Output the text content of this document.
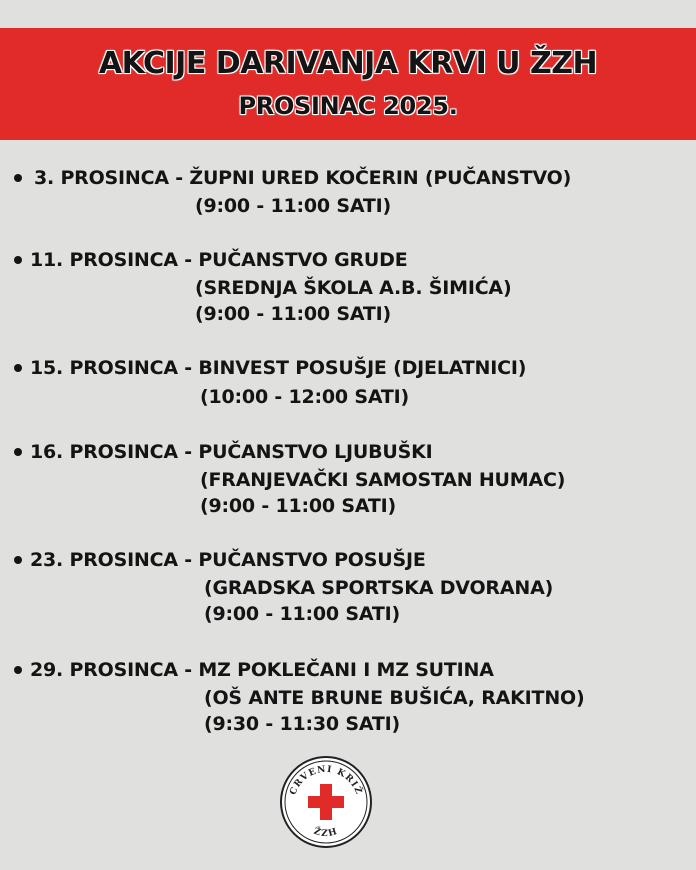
AKCIJE DARIVANJA KRVI U ŽZH
PROSINAC 2025.
3. PROSINCA - ŽUPNI URED KOČERIN (PUČANSTVO)
(9:00 - 11:00 SATI)
11. PROSINCA - PUČANSTVO GRUDE
(SREDNJA ŠKOLA A.B. ŠIMIĆA)
(9:00 - 11:00 SATI)
15. PROSINCA - BINVEST POSUŠJE (DJELATNICI)
(10:00 - 12:00 SATI)
16. PROSINCA - PUČANSTVO LJUBUŠKI
(FRANJEVAČKI SAMOSTAN HUMAC)
(9:00 - 11:00 SATI)
23. PROSINCA - PUČANSTVO POSUŠJE
(GRADSKA SPORTSKA DVORANA)
(9:00 - 11:00 SATI)
29. PROSINCA - MZ POKLEČANI I MZ SUTINA
(OŠ ANTE BRUNE BUŠIĆA, RAKITNO)
(9:30 - 11:30 SATI)
CRVENI KRIŽ
ŽZH
